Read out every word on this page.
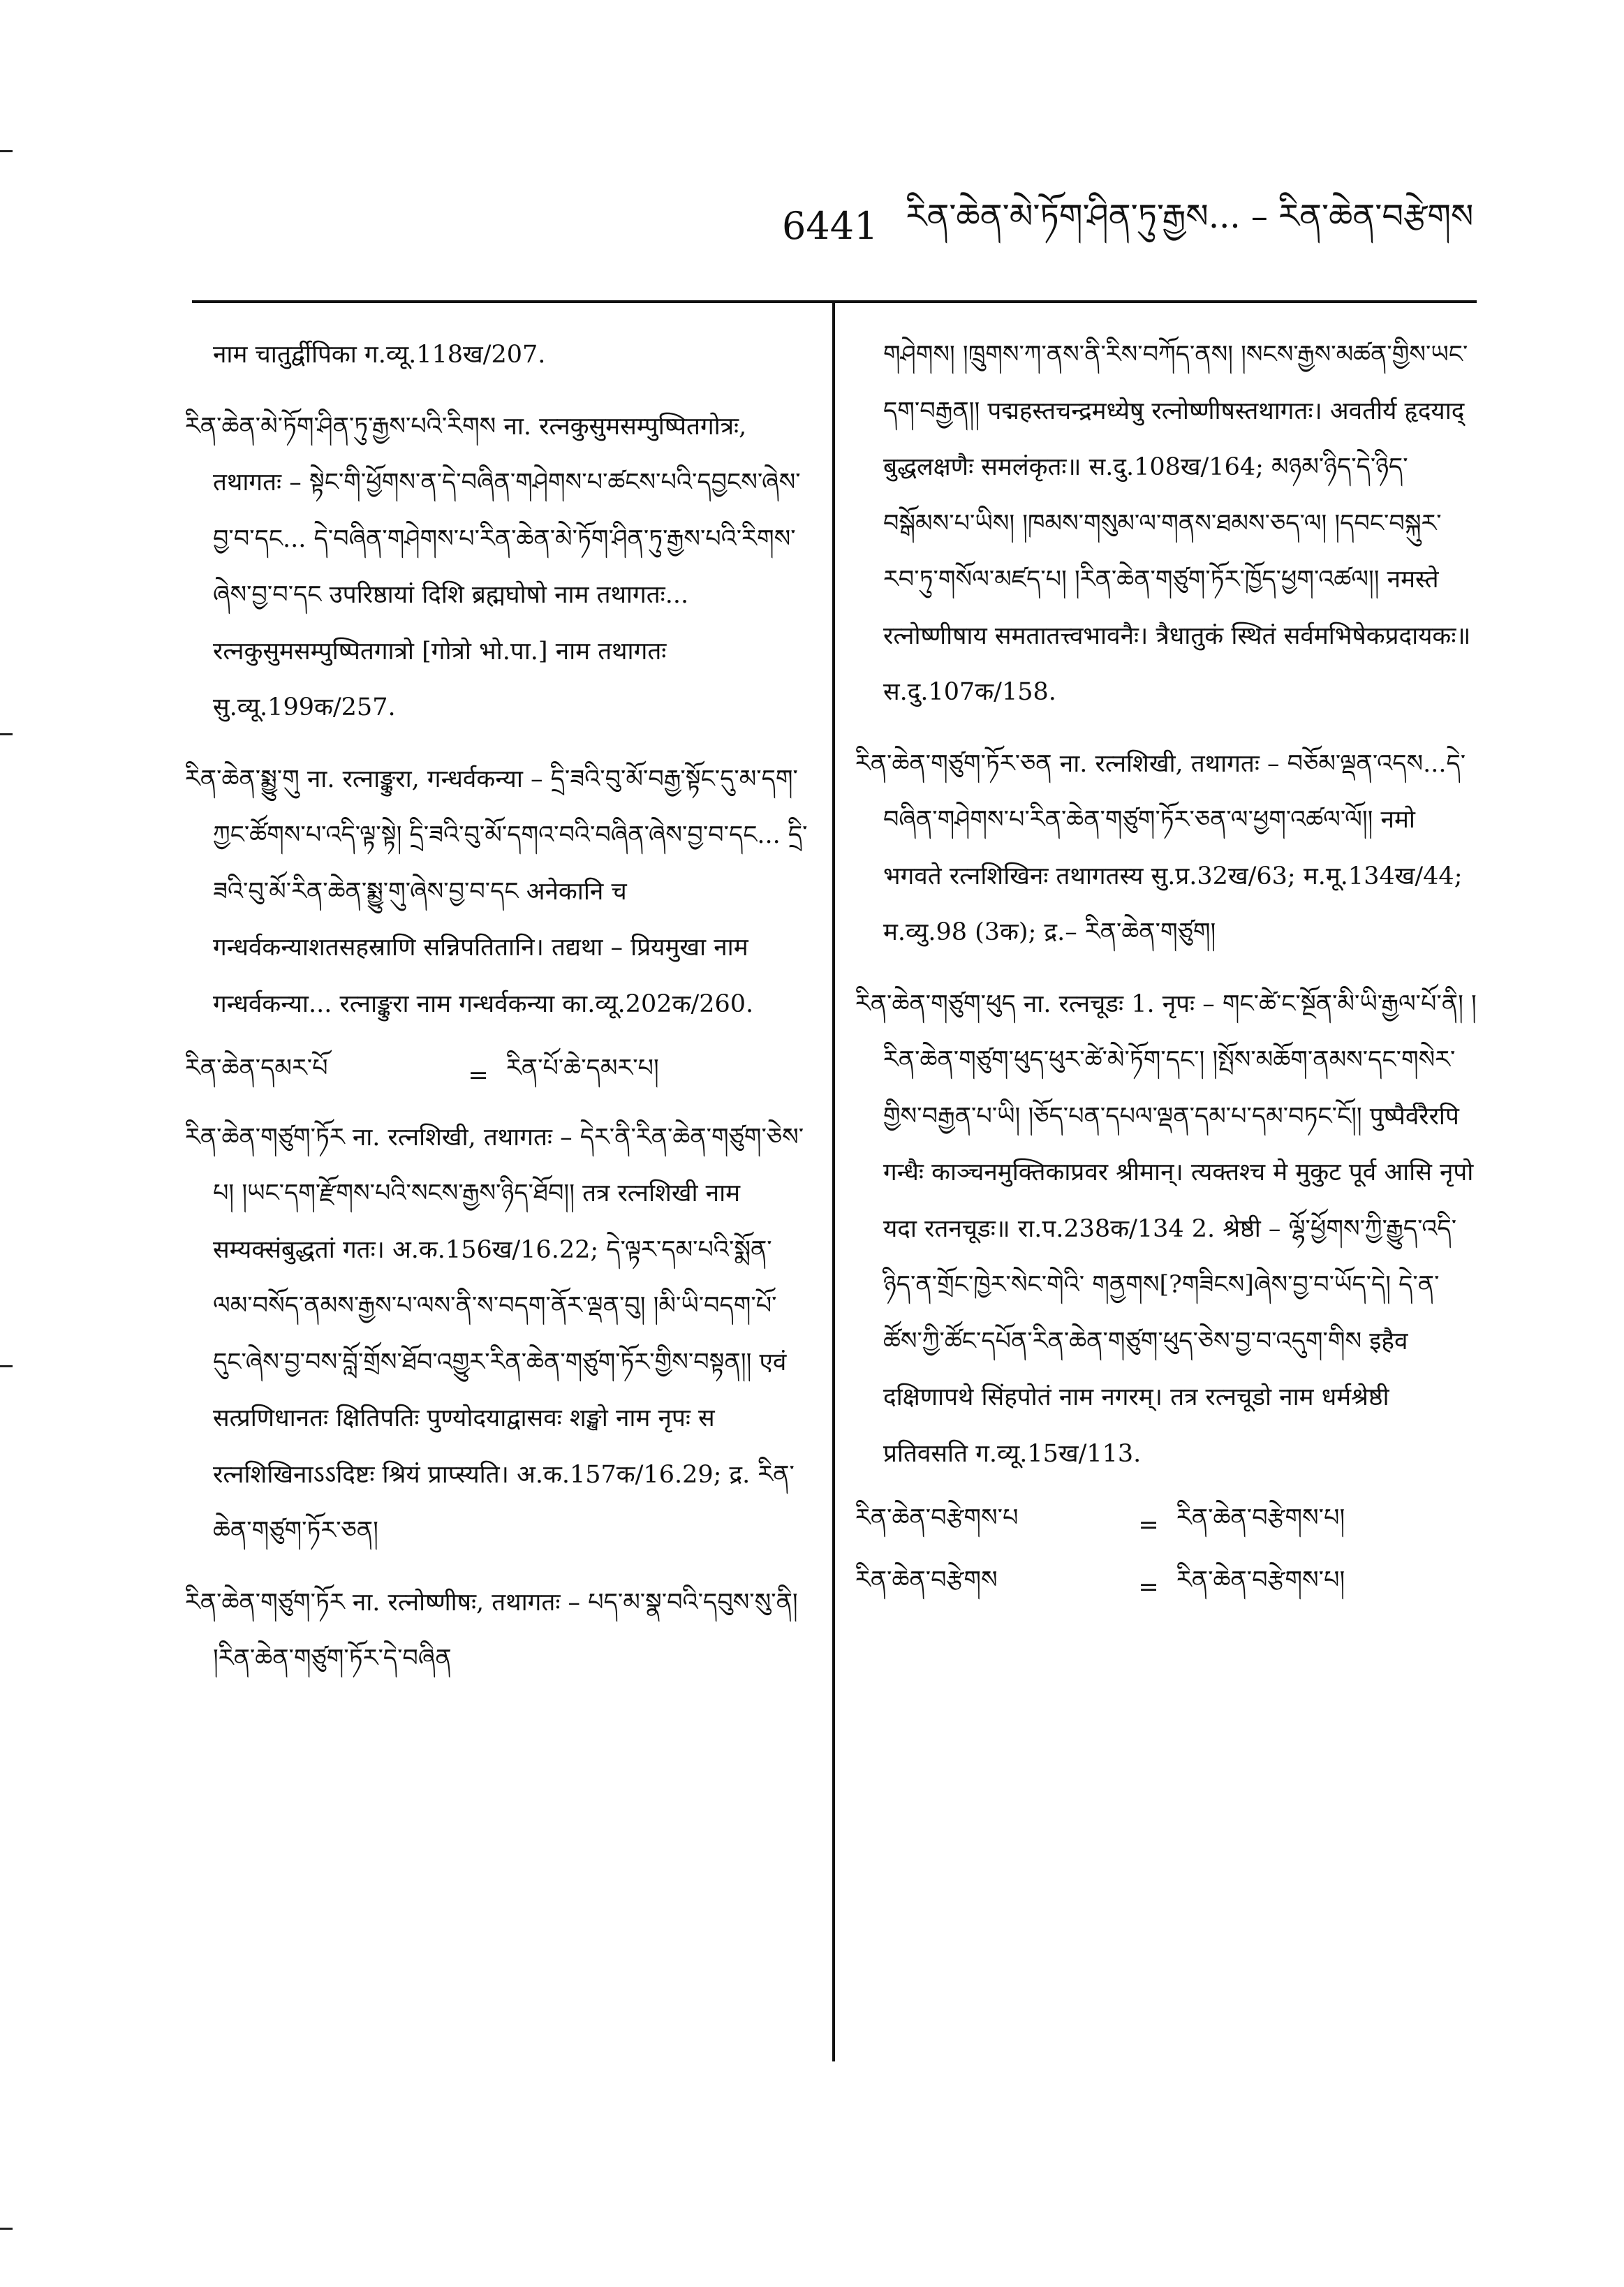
6441 རིན་ཆེན་མེ་ཏོག་ཤིན་ཏུ་རྒྱས... – རིན་ཆེན་བརྩེགས

नाम चातुर्द्वीपिका ग.व्यू.118ख/207.

རིན་ཆེན་མེ་ཏོག་ཤིན་ཏུ་རྒྱས་པའི་རིགས ना. रत्नकुसुमसम्पुष्पितगोत्रः, तथागतः – སྟེང་གི་ཕྱོགས་ན་དེ་བཞིན་གཤེགས་པ་ཚངས་པའི་དབྱངས་ཞེས་བྱ་བ་དང... དེ་བཞིན་གཤེགས་པ་རིན་ཆེན་མེ་ཏོག་ཤིན་ཏུ་རྒྱས་པའི་རིགས་ཞེས་བྱ་བ་དང उपरिष्ठायां दिशि ब्रह्मघोषो नाम तथागतः... रत्नकुसुमसम्पुष्पितगात्रो [गोत्रो भो.पा.] नाम तथागतः सु.व्यू.199क/257.

རིན་ཆེན་སྨྱུ་གུ ना. रत्नाङ्कुरा, गन्धर्वकन्या – དྲི་ཟའི་བུ་མོ་བརྒྱ་སྟོང་དུ་མ་དག་ཀྱང་ཚོགས་པ་འདི་ལྟ་སྟེ། དྲི་ཟའི་བུ་མོ་དགའ་བའི་བཞིན་ཞེས་བྱ་བ་དང... དྲི་ཟའི་བུ་མོ་རིན་ཆེན་སྨྱུ་གུ་ཞེས་བྱ་བ་དང अनेकानि च गन्धर्वकन्याशतसहस्राणि सन्निपतितानि। तद्यथा – प्रियमुखा नाम गन्धर्वकन्या... रत्नाङ्कुरा नाम गन्धर्वकन्या का.व्यू.202क/260.

རིན་ཆེན་དམར་པོ	= རིན་པོ་ཆེ་དམར་པ།

རིན་ཆེན་གཙུག་ཏོར ना. रत्नशिखी, तथागतः – དེར་ནི་རིན་ཆེན་གཙུག་ཅེས་པ། །ཡང་དག་རྫོགས་པའི་སངས་རྒྱས་ཉིད་ཐོབ།། तत्र रत्नशिखी नाम सम्यक्संबुद्धतां गतः। अ.क.156ख/16.22; དེ་ལྟར་དམ་པའི་སྨོན་ལམ་བསོད་ནམས་རྒྱས་པ་ལས་ནི་ས་བདག་ནོར་ལྡན་བུ། །མི་ཡི་བདག་པོ་དུང་ཞེས་བྱ་བས་བློ་གྲོས་ཐོབ་འགྱུར་རིན་ཆེན་གཙུག་ཏོར་གྱིས་བསྟན།། एवं सत्प्रणिधानतः क्षितिपतिः पुण्योदयाद्वासवः शङ्खो नाम नृपः स रत्नशिखिनाऽऽदिष्टः श्रियं प्राप्स्यति। अ.क.157क/16.29; द्र. རིན་ཆེན་གཙུག་ཏོར་ཅན།

རིན་ཆེན་གཙུག་ཏོར ना. रत्नोष्णीषः, तथागतः – པད་མ་སྣ་བའི་དབུས་སུ་ནི། །རིན་ཆེན་གཙུག་ཏོར་དེ་བཞིན

གཤེགས། །ཁྲུགས་ཀ་ནས་ནི་རིས་བཀོད་ནས། །སངས་རྒྱས་མཚན་གྱིས་ཡང་དག་བརྒྱན།། पद्महस्तचन्द्रमध्येषु रत्नोष्णीषस्तथागतः। अवतीर्य हृदयाद् बुद्धलक्षणैः समलंकृतः॥ स.दु.108ख/164; མཉམ་ཉིད་དེ་ཉིད་བསྒོམས་པ་ཡིས། །ཁམས་གསུམ་ལ་གནས་ཐམས་ཅད་ལ། །དབང་བསྐུར་རབ་ཏུ་གསོལ་མཛད་པ། །རིན་ཆེན་གཙུག་ཏོར་ཁྱོད་ཕྱག་འཚལ།། नमस्ते रत्नोष्णीषाय समतातत्त्वभावनैः। त्रैधातुकं स्थितं सर्वमभिषेकप्रदायकः॥ स.दु.107क/158.

རིན་ཆེན་གཙུག་ཏོར་ཅན ना. रत्नशिखी, तथागतः – བཅོམ་ལྡན་འདས...དེ་བཞིན་གཤེགས་པ་རིན་ཆེན་གཙུག་ཏོར་ཅན་ལ་ཕྱག་འཚལ་ལོ།། नमो भगवते रत्नशिखिनः तथागतस्य सु.प्र.32ख/63; म.मू.134ख/44; म.व्यु.98 (3क); द्र.– རིན་ཆེན་གཙུག།

རིན་ཆེན་གཙུག་ཕུད ना. रत्नचूडः 1. नृपः – གང་ཚེ་ང་སྔོན་མི་ཡི་རྒྱལ་པོ་ནི། །རིན་ཆེན་གཙུག་ཕུད་ཕུར་ཚེ་མེ་ཏོག་དང་། །སྤོས་མཆོག་ནམས་དང་གསེར་གྱིས་བརྒྱན་པ་ཡི། །ཅོད་པན་དཔལ་ལྡན་དམ་པ་དམ་བཏང་ངོ།། पुष्पैर्वरैरपि गन्धैः काञ्चनमुक्तिकाप्रवर श्रीमान्। त्यक्तश्च मे मुकुट पूर्व आसि नृपो यदा रतनचूडः॥ रा.प.238क/134 2. श्रेष्ठी – ལྷོ་ཕྱོགས་ཀྱི་རྒྱུད་འདི་ཉིད་ན་གྲོང་ཁྱེར་སེང་གེའི་ གནྱགས[?གཟིངས]ཞེས་བྱ་བ་ཡོད་དེ། དེ་ན་ཚོས་ཀྱི་ཚོང་དཔོན་རིན་ཆེན་གཙུག་ཕུད་ཅེས་བྱ་བ་འདུག་གིས इहैव दक्षिणापथे सिंहपोतं नाम नगरम्। तत्र रत्नचूडो नाम धर्मश्रेष्ठी प्रतिवसति ग.व्यू.15ख/113.

རིན་ཆེན་བརྩེགས་པ	= རིན་ཆེན་བརྩེགས་པ།
རིན་ཆེན་བརྩེགས	= རིན་ཆེན་བརྩེགས་པ།
